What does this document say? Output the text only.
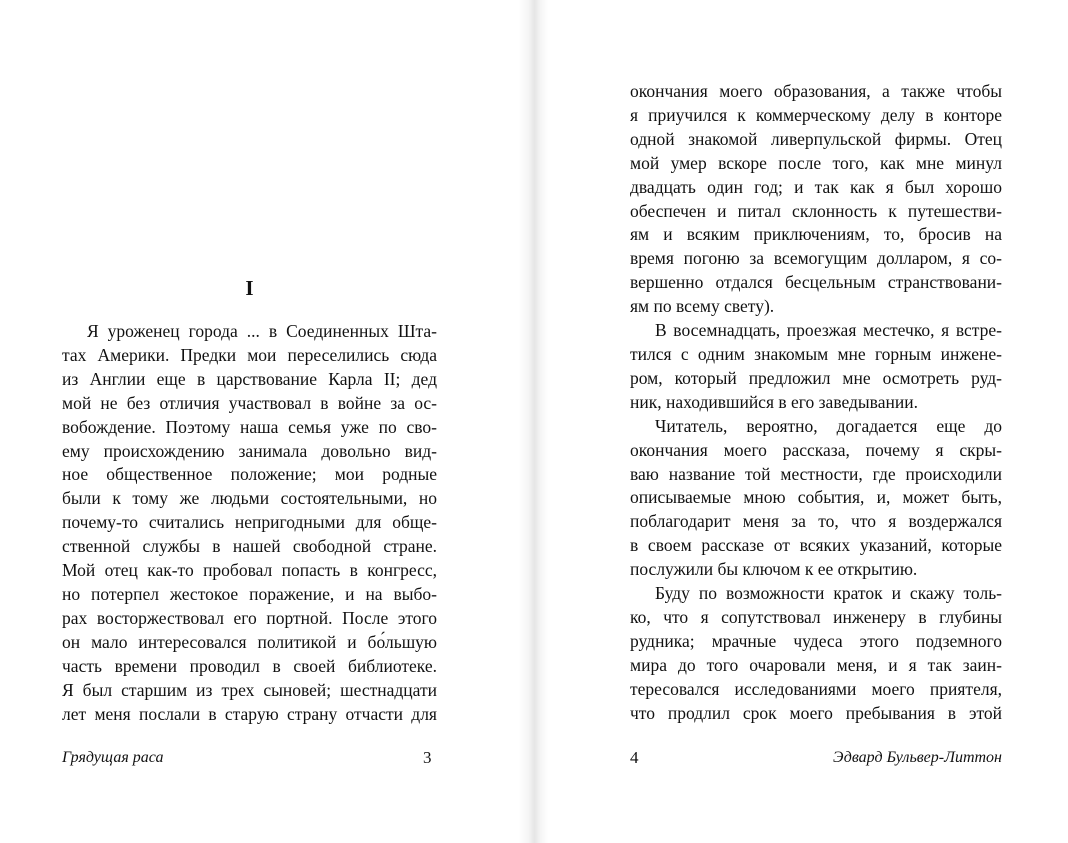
I
Я уроженец города ... в Соединенных Шта-
тах Америки. Предки мои переселились сюда
из Англии еще в царствование Карла II; дед
мой не без отличия участвовал в войне за ос-
вобождение. Поэтому наша семья уже по сво-
ему происхождению занимала довольно вид-
ное общественное положение; мои родные
были к тому же людьми состоятельными, но
почему-то считались непригодными для обще-
ственной службы в нашей свободной стране.
Мой отец как-то пробовал попасть в конгресс,
но потерпел жестокое поражение, и на выбо-
рах восторжествовал его портной. После этого
он мало интересовался политикой и бо́льшую
часть времени проводил в своей библиотеке.
Я был старшим из трех сыновей; шестнадцати
лет меня послали в старую страну отчасти для
Грядущая раса	3
окончания моего образования, а также чтобы
я приучился к коммерческому делу в конторе
одной знакомой ливерпульской фирмы. Отец
мой умер вскоре после того, как мне минул
двадцать один год; и так как я был хорошо
обеспечен и питал склонность к путешестви-
ям и всяким приключениям, то, бросив на
время погоню за всемогущим долларом, я со-
вершенно отдался бесцельным странствовани-
ям по всему свету).
В восемнадцать, проезжая местечко, я встре-
тился с одним знакомым мне горным инжене-
ром, который предложил мне осмотреть руд-
ник, находившийся в его заведывании.
Читатель, вероятно, догадается еще до
окончания моего рассказа, почему я скры-
ваю название той местности, где происходили
описываемые мною события, и, может быть,
поблагодарит меня за то, что я воздержался
в своем рассказе от всяких указаний, которые
послужили бы ключом к ее открытию.
Буду по возможности краток и скажу толь-
ко, что я сопутствовал инженеру в глубины
рудника; мрачные чудеса этого подземного
мира до того очаровали меня, и я так заин-
тересовался исследованиями моего приятеля,
что продлил срок моего пребывания в этой
4	Эдвард Бульвер-Литтон
